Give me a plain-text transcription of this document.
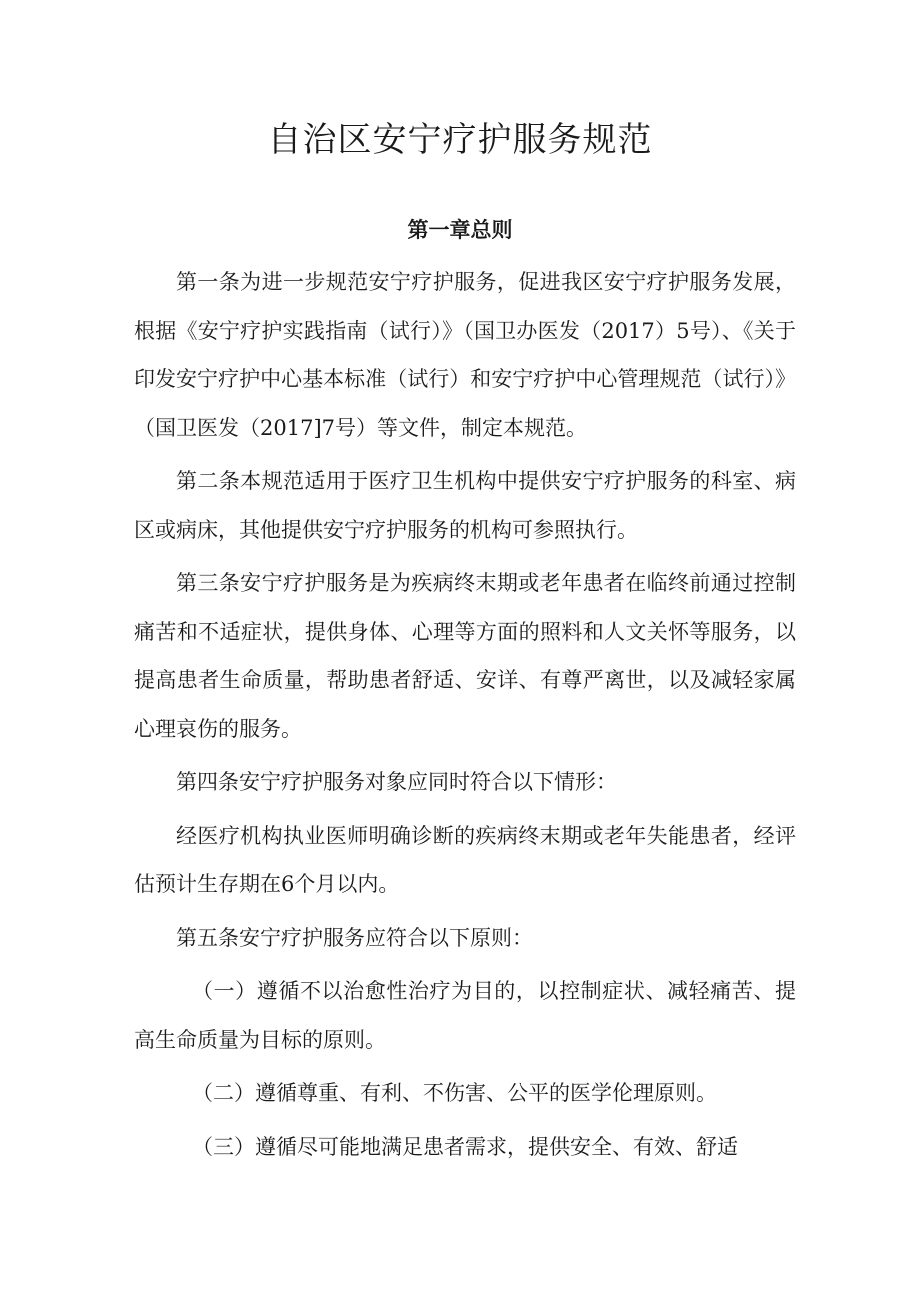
自治区安宁疗护服务规范
第一章总则

第一条为进一步规范安宁疗护服务，促进我区安宁疗护服务发展，根据《安宁疗护实践指南（试行）》（国卫办医发（2017）5号）、《关于印发安宁疗护中心基本标准（试行）和安宁疗护中心管理规范（试行）》（国卫医发（2017]7号）等文件，制定本规范。

第二条本规范适用于医疗卫生机构中提供安宁疗护服务的科室、病区或病床，其他提供安宁疗护服务的机构可参照执行。

第三条安宁疗护服务是为疾病终末期或老年患者在临终前通过控制痛苦和不适症状，提供身体、心理等方面的照料和人文关怀等服务，以提高患者生命质量，帮助患者舒适、安详、有尊严离世，以及减轻家属心理哀伤的服务。

第四条安宁疗护服务对象应同时符合以下情形：

经医疗机构执业医师明确诊断的疾病终末期或老年失能患者，经评估预计生存期在6个月以内。

第五条安宁疗护服务应符合以下原则：

（一）遵循不以治愈性治疗为目的，以控制症状、减轻痛苦、提高生命质量为目标的原则。

（二）遵循尊重、有利、不伤害、公平的医学伦理原则。

（三）遵循尽可能地满足患者需求，提供安全、有效、舒适
